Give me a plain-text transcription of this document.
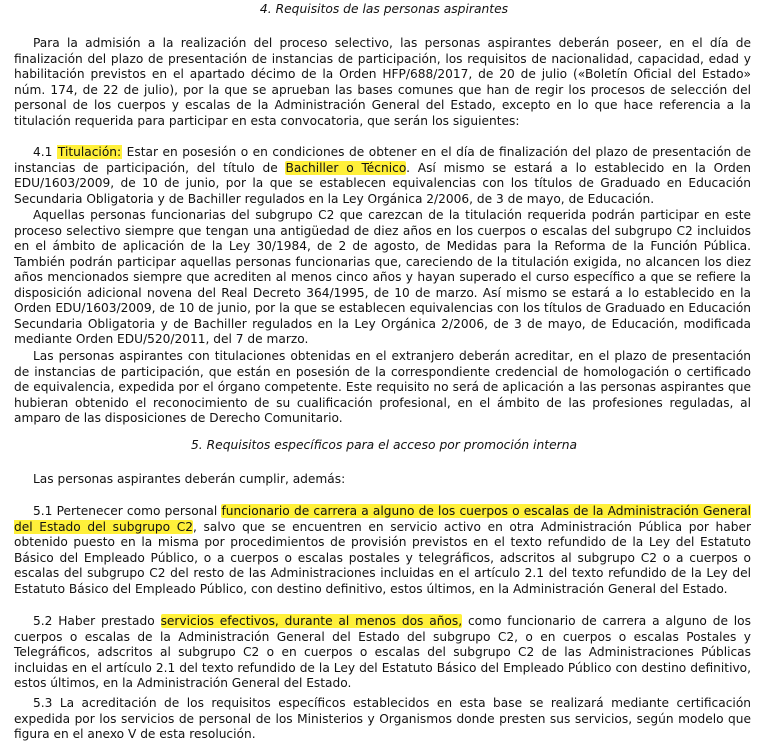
4. Requisitos de las personas aspirantes

Para la admisión a la realización del proceso selectivo, las personas aspirantes deberán poseer, en el día de finalización del plazo de presentación de instancias de participación, los requisitos de nacionalidad, capacidad, edad y habilitación previstos en el apartado décimo de la Orden HFP/688/2017, de 20 de julio («Boletín Oficial del Estado» núm. 174, de 22 de julio), por la que se aprueban las bases comunes que han de regir los procesos de selección del personal de los cuerpos y escalas de la Administración General del Estado, excepto en lo que hace referencia a la titulación requerida para participar en esta convocatoria, que serán los siguientes:

4.1 Titulación: Estar en posesión o en condiciones de obtener en el día de finalización del plazo de presentación de instancias de participación, del título de Bachiller o Técnico. Así mismo se estará a lo establecido en la Orden EDU/1603/2009, de 10 de junio, por la que se establecen equivalencias con los títulos de Graduado en Educación Secundaria Obligatoria y de Bachiller regulados en la Ley Orgánica 2/2006, de 3 de mayo, de Educación.

Aquellas personas funcionarias del subgrupo C2 que carezcan de la titulación requerida podrán participar en este proceso selectivo siempre que tengan una antigüedad de diez años en los cuerpos o escalas del subgrupo C2 incluidos en el ámbito de aplicación de la Ley 30/1984, de 2 de agosto, de Medidas para la Reforma de la Función Pública. También podrán participar aquellas personas funcionarias que, careciendo de la titulación exigida, no alcancen los diez años mencionados siempre que acrediten al menos cinco años y hayan superado el curso específico a que se refiere la disposición adicional novena del Real Decreto 364/1995, de 10 de marzo. Así mismo se estará a lo establecido en la Orden EDU/1603/2009, de 10 de junio, por la que se establecen equivalencias con los títulos de Graduado en Educación Secundaria Obligatoria y de Bachiller regulados en la Ley Orgánica 2/2006, de 3 de mayo, de Educación, modificada mediante Orden EDU/520/2011, del 7 de marzo.

Las personas aspirantes con titulaciones obtenidas en el extranjero deberán acreditar, en el plazo de presentación de instancias de participación, que están en posesión de la correspondiente credencial de homologación o certificado de equivalencia, expedida por el órgano competente. Este requisito no será de aplicación a las personas aspirantes que hubieran obtenido el reconocimiento de su cualificación profesional, en el ámbito de las profesiones reguladas, al amparo de las disposiciones de Derecho Comunitario.

5. Requisitos específicos para el acceso por promoción interna

Las personas aspirantes deberán cumplir, además:

5.1 Pertenecer como personal funcionario de carrera a alguno de los cuerpos o escalas de la Administración General del Estado del subgrupo C2, salvo que se encuentren en servicio activo en otra Administración Pública por haber obtenido puesto en la misma por procedimientos de provisión previstos en el texto refundido de la Ley del Estatuto Básico del Empleado Público, o a cuerpos o escalas postales y telegráficos, adscritos al subgrupo C2 o a cuerpos o escalas del subgrupo C2 del resto de las Administraciones incluidas en el artículo 2.1 del texto refundido de la Ley del Estatuto Básico del Empleado Público, con destino definitivo, estos últimos, en la Administración General del Estado.

5.2 Haber prestado servicios efectivos, durante al menos dos años, como funcionario de carrera a alguno de los cuerpos o escalas de la Administración General del Estado del subgrupo C2, o en cuerpos o escalas Postales y Telegráficos, adscritos al subgrupo C2 o en cuerpos o escalas del subgrupo C2 de las Administraciones Públicas incluidas en el artículo 2.1 del texto refundido de la Ley del Estatuto Básico del Empleado Público con destino definitivo, estos últimos, en la Administración General del Estado.

5.3 La acreditación de los requisitos específicos establecidos en esta base se realizará mediante certificación expedida por los servicios de personal de los Ministerios y Organismos donde presten sus servicios, según modelo que figura en el anexo V de esta resolución.
